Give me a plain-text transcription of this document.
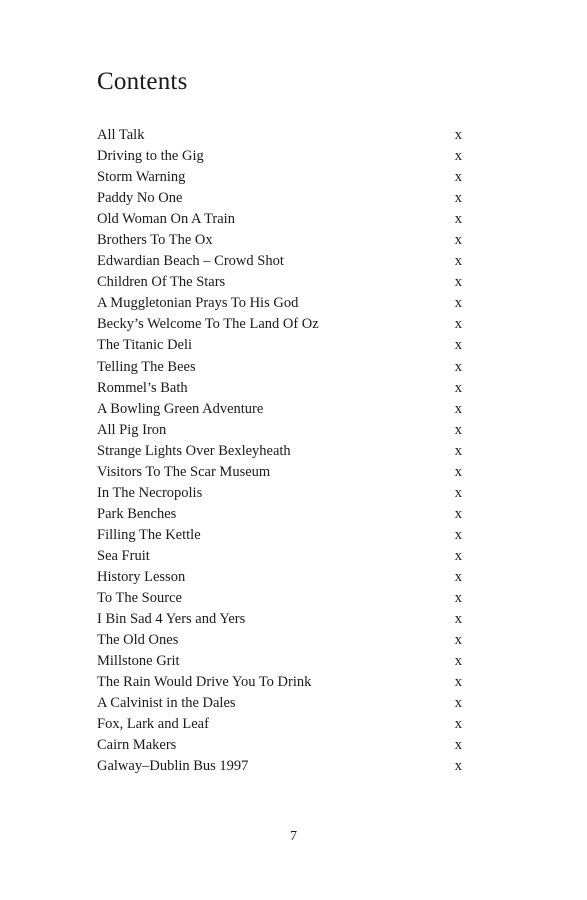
Contents
All Talk	x
Driving to the Gig	x
Storm Warning	x
Paddy No One	x
Old Woman On A Train	x
Brothers To The Ox	x
Edwardian Beach – Crowd Shot	x
Children Of The Stars	x
A Muggletonian Prays To His God	x
Becky’s Welcome To The Land Of Oz	x
The Titanic Deli	x
Telling The Bees	x
Rommel’s Bath	x
A Bowling Green Adventure	x
All Pig Iron	x
Strange Lights Over Bexleyheath	x
Visitors To The Scar Museum	x
In The Necropolis	x
Park Benches	x
Filling The Kettle	x
Sea Fruit	x
History Lesson	x
To The Source	x
I Bin Sad 4 Yers and Yers	x
The Old Ones	x
Millstone Grit	x
The Rain Would Drive You To Drink	x
A Calvinist in the Dales	x
Fox, Lark and Leaf	x
Cairn Makers	x
Galway–Dublin Bus 1997	x
7
